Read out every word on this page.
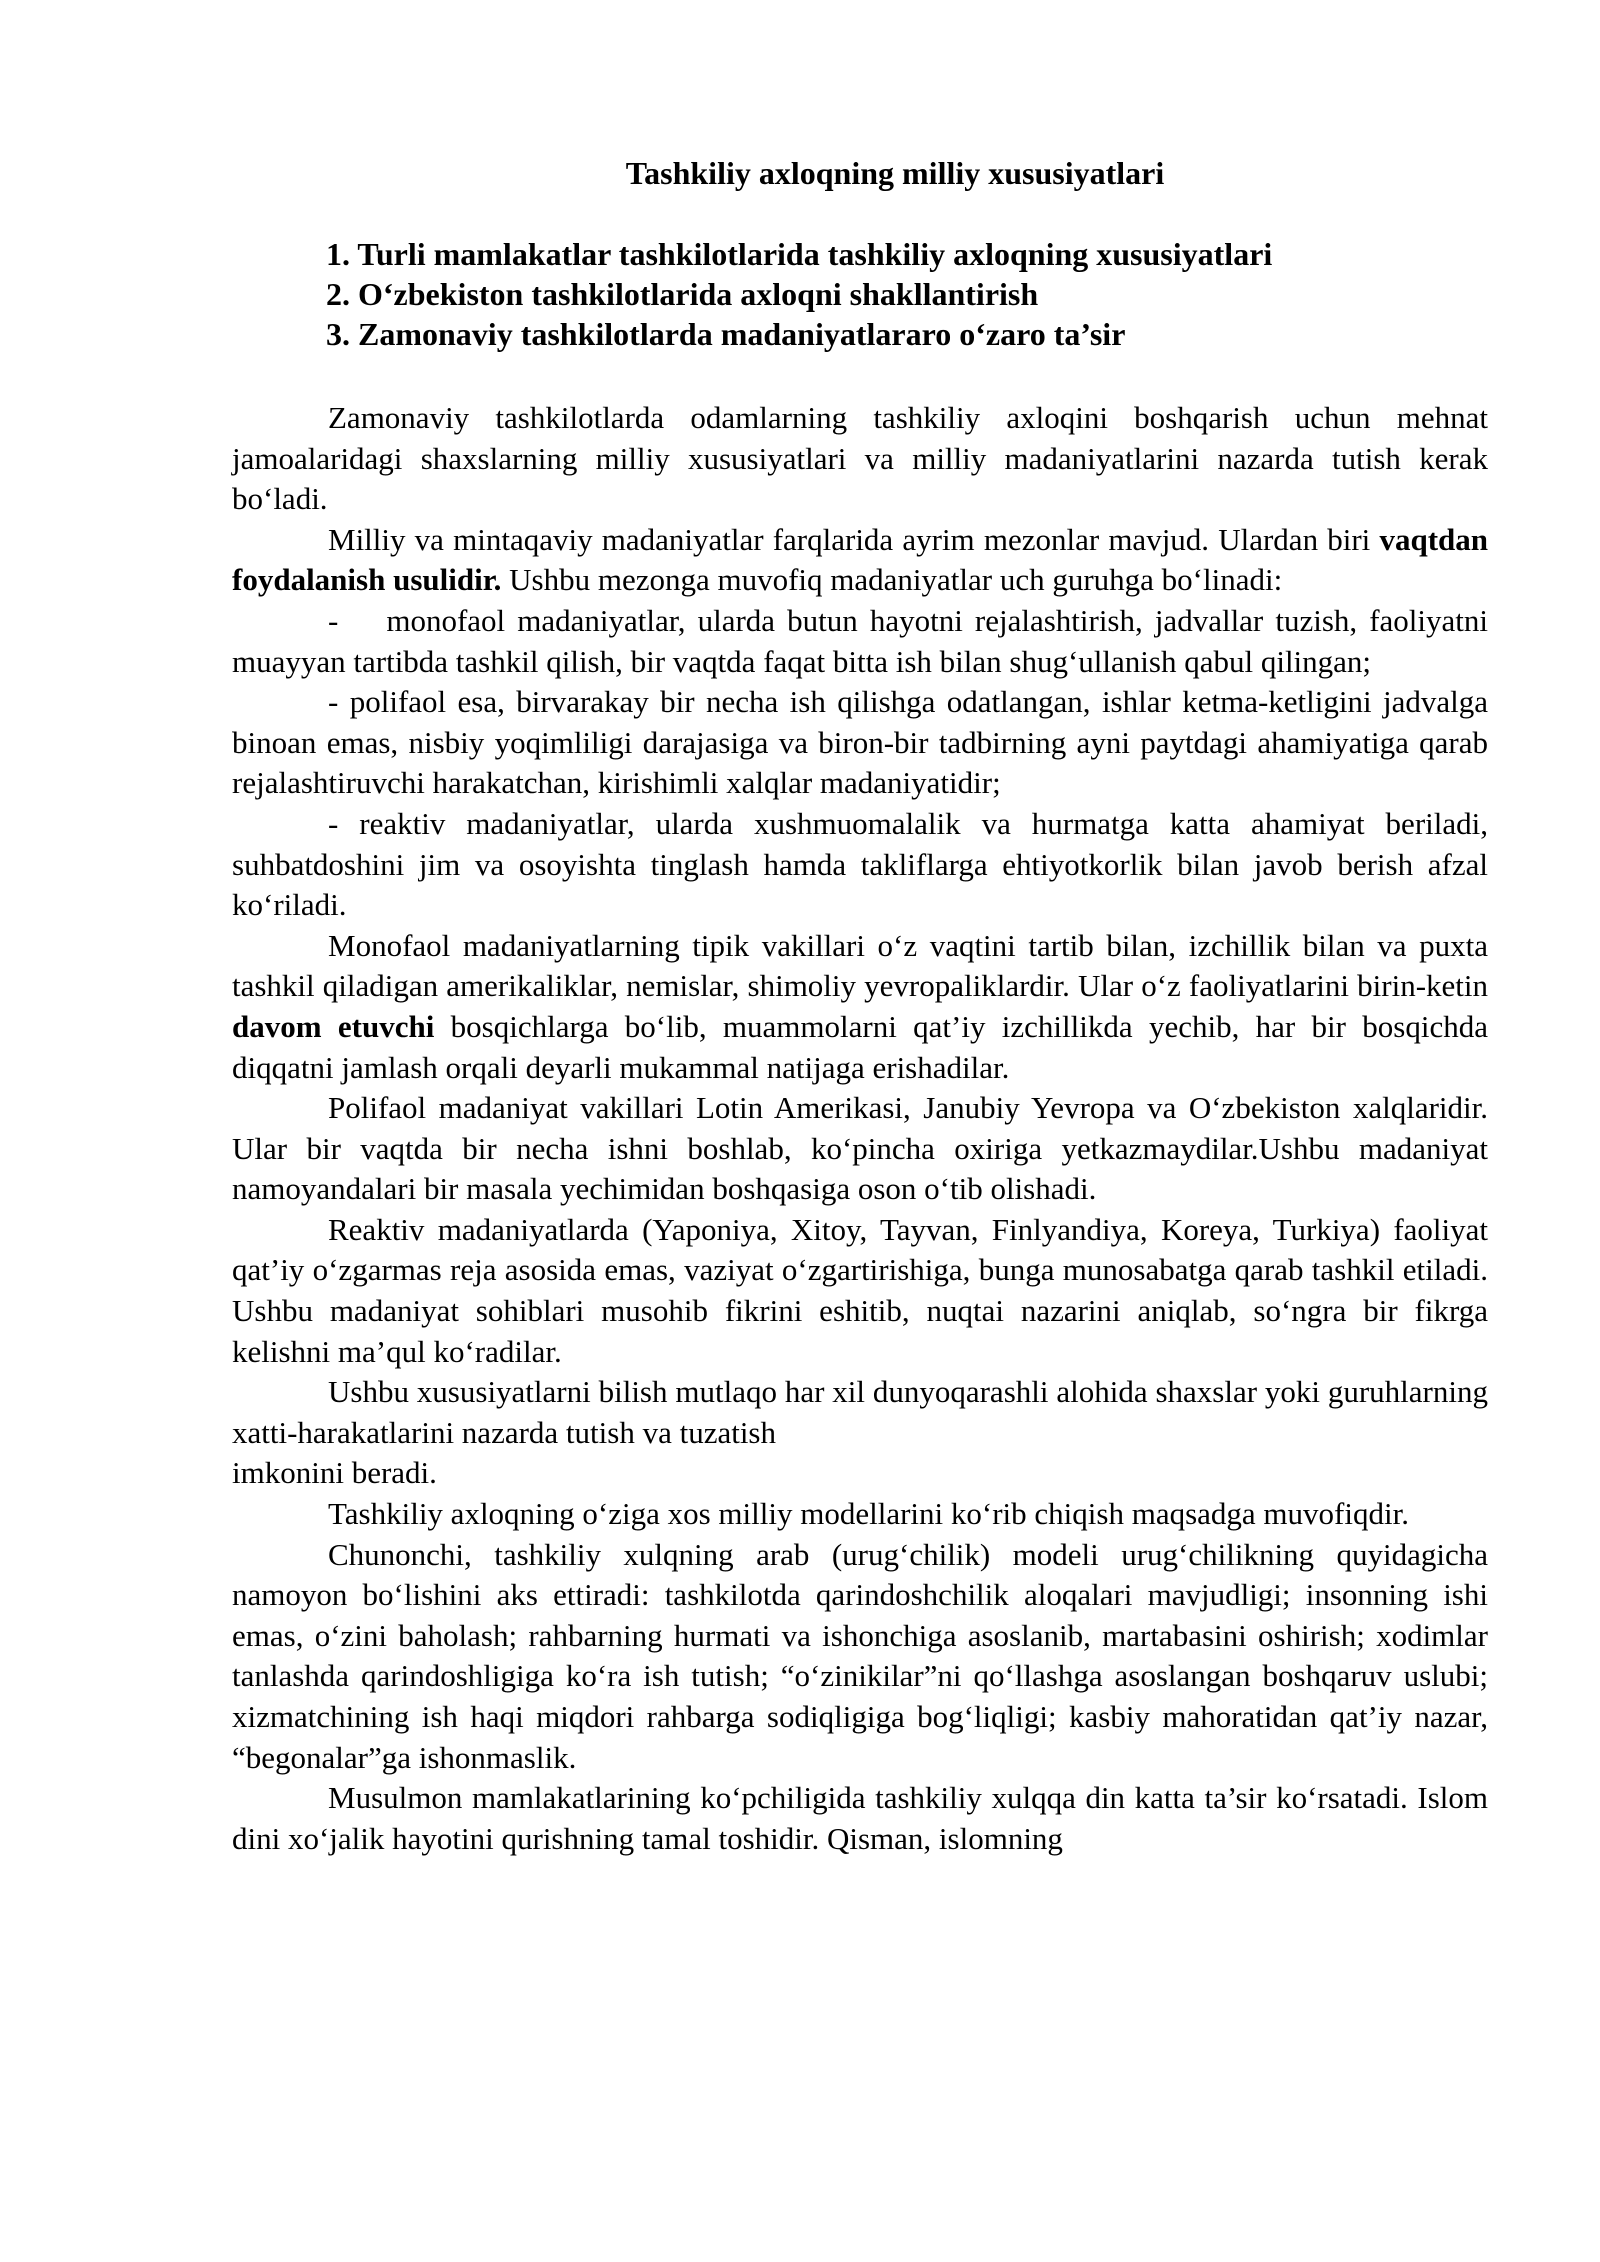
Tashkiliy axloqning milliy xususiyatlari
1. Turli mamlakatlar tashkilotlarida tashkiliy axloqning xususiyatlari
2. O‘zbekiston tashkilotlarida axloqni shakllantirish
3. Zamonaviy tashkilotlarda madaniyatlararo o‘zaro ta’sir

Zamonaviy tashkilotlarda odamlarning tashkiliy axloqini boshqarish uchun mehnat jamoalaridagi shaxslarning milliy xususiyatlari va milliy madaniyatlarini nazarda tutish kerak bo‘ladi.

Milliy va mintaqaviy madaniyatlar farqlarida ayrim mezonlar mavjud. Ulardan biri vaqtdan foydalanish usulidir. Ushbu mezonga muvofiq madaniyatlar uch guruhga bo‘linadi:

- monofaol madaniyatlar, ularda butun hayotni rejalashtirish, jadvallar tuzish, faoliyatni muayyan tartibda tashkil qilish, bir vaqtda faqat bitta ish bilan shug‘ullanish qabul qilingan;

- polifaol esa, birvarakay bir necha ish qilishga odatlangan, ishlar ketma-ketligini jadvalga binoan emas, nisbiy yoqimliligi darajasiga va biron-bir tadbirning ayni paytdagi ahamiyatiga qarab rejalashtiruvchi harakatchan, kirishimli xalqlar madaniyatidir;

- reaktiv madaniyatlar, ularda xushmuomalalik va hurmatga katta ahamiyat beriladi, suhbatdoshini jim va osoyishta tinglash hamda takliflarga ehtiyotkorlik bilan javob berish afzal ko‘riladi.

Monofaol madaniyatlarning tipik vakillari o‘z vaqtini tartib bilan, izchillik bilan va puxta tashkil qiladigan amerikaliklar, nemislar, shimoliy yevropaliklardir. Ular o‘z faoliyatlarini birin-ketin davom etuvchi bosqichlarga bo‘lib, muammolarni qat’iy izchillikda yechib, har bir bosqichda diqqatni jamlash orqali deyarli mukammal natijaga erishadilar.

Polifaol madaniyat vakillari Lotin Amerikasi, Janubiy Yevropa va O‘zbekiston xalqlaridir. Ular bir vaqtda bir necha ishni boshlab, ko‘pincha oxiriga yetkazmaydilar.Ushbu madaniyat namoyandalari bir masala yechimidan boshqasiga oson o‘tib olishadi.

Reaktiv madaniyatlarda (Yaponiya, Xitoy, Tayvan, Finlyandiya, Koreya, Turkiya) faoliyat qat’iy o‘zgarmas reja asosida emas, vaziyat o‘zgartirishiga, bunga munosabatga qarab tashkil etiladi. Ushbu madaniyat sohiblari musohib fikrini eshitib, nuqtai nazarini aniqlab, so‘ngra bir fikrga kelishni ma’qul ko‘radilar.

Ushbu xususiyatlarni bilish mutlaqo har xil dunyoqarashli alohida shaxslar yoki guruhlarning xatti-harakatlarini nazarda tutish va tuzatish

imkonini beradi.

Tashkiliy axloqning o‘ziga xos milliy modellarini ko‘rib chiqish maqsadga muvofiqdir.

Chunonchi, tashkiliy xulqning arab (urug‘chilik) modeli urug‘chilikning quyidagicha namoyon bo‘lishini aks ettiradi: tashkilotda qarindoshchilik aloqalari mavjudligi; insonning ishi emas, o‘zini baholash; rahbarning hurmati va ishonchiga asoslanib, martabasini oshirish; xodimlar tanlashda qarindoshligiga ko‘ra ish tutish; “o‘zinikilar”ni qo‘llashga asoslangan boshqaruv uslubi; xizmatchining ish haqi miqdori rahbarga sodiqligiga bog‘liqligi; kasbiy mahoratidan qat’iy nazar, “begonalar”ga ishonmaslik.

Musulmon mamlakatlarining ko‘pchiligida tashkiliy xulqqa din katta ta’sir ko‘rsatadi. Islom dini xo‘jalik hayotini qurishning tamal toshidir. Qisman, islomning
